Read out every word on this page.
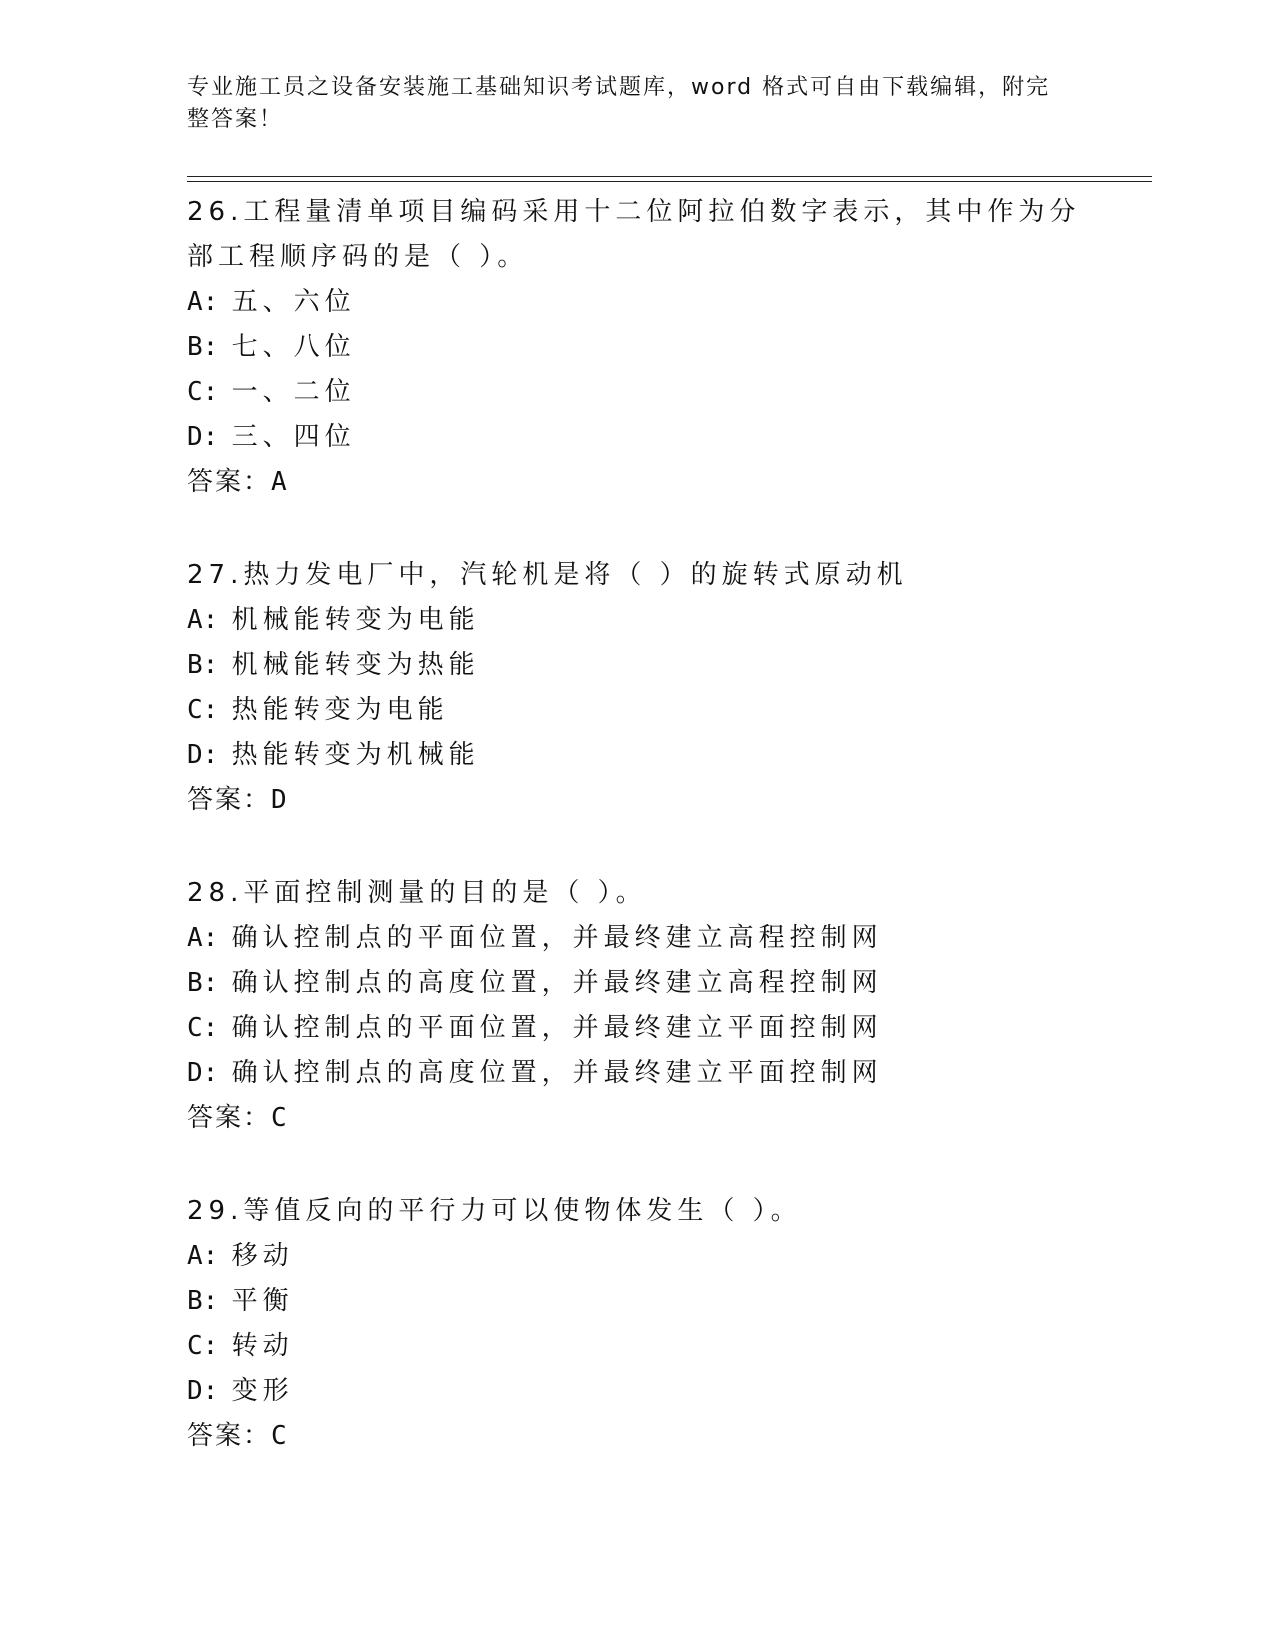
专业施工员之设备安装施工基础知识考试题库，word 格式可自由下载编辑，附完整答案！
26.工程量清单项目编码采用十二位阿拉伯数字表示，其中作为分部工程顺序码的是（ ）。
A: 五、六位
B: 七、八位
C: 一、二位
D: 三、四位
答案：A
27.热力发电厂中，汽轮机是将（ ）的旋转式原动机
A: 机械能转变为电能
B: 机械能转变为热能
C: 热能转变为电能
D: 热能转变为机械能
答案：D
28.平面控制测量的目的是（ ）。
A: 确认控制点的平面位置，并最终建立高程控制网
B: 确认控制点的高度位置，并最终建立高程控制网
C: 确认控制点的平面位置，并最终建立平面控制网
D: 确认控制点的高度位置，并最终建立平面控制网
答案：C
29.等值反向的平行力可以使物体发生（ ）。
A: 移动
B: 平衡
C: 转动
D: 变形
答案：C
